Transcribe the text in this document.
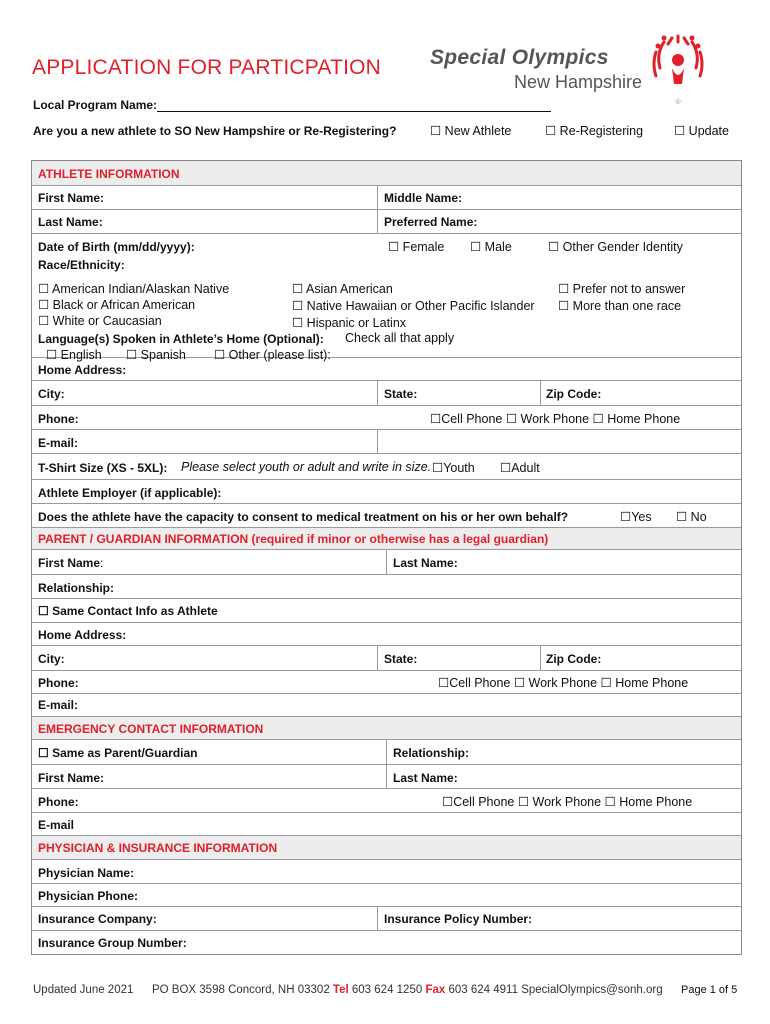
APPLICATION FOR PARTICPATION Special Olympics
New Hampshire
®
Local Program Name:
Are you a new athlete to SO New Hampshire or Re-Registering?	☐ New Athlete	☐ Re-Registering ☐ Update
ATHLETE INFORMATION
First Name:	Middle Name:
Last Name:	Preferred Name:
Date of Birth (mm/dd/yyyy):	☐ Female ☐ Male	☐ Other Gender Identity
Race/Ethnicity:
☐ American Indian/Alaskan Native
☐ Black or African American
☐ White or Caucasian
☐ Asian American
☐ Native Hawaiian or Other Pacific Islander
☐ Hispanic or Latinx
☐ Prefer not to answer
☐ More than one race
Language(s) Spoken in Athlete’s Home (Optional): Check all that apply
☐ English ☐ Spanish ☐ Other (please list):
Home Address:
City:	State:	Zip Code:
Phone:	☐Cell Phone ☐ Work Phone ☐ Home Phone
E-mail:
T-Shirt Size (XS - 5XL): Please select youth or adult and write in size. ☐Youth ☐Adult
Athlete Employer (if applicable):
Does the athlete have the capacity to consent to medical treatment on his or her own behalf?	☐Yes ☐ No
PARENT / GUARDIAN INFORMATION (required if minor or otherwise has a legal guardian)
First Name:	Last Name:
Relationship:
☐ Same Contact Info as Athlete
Home Address:
City:	State:	Zip Code:
Phone:	☐Cell Phone ☐ Work Phone ☐ Home Phone
E-mail:
EMERGENCY CONTACT INFORMATION
☐ Same as Parent/Guardian	Relationship:
First Name:	Last Name:
Phone:	☐Cell Phone ☐ Work Phone ☐ Home Phone
E-mail
PHYSICIAN & INSURANCE INFORMATION
Physician Name:
Physician Phone:
Insurance Company:	Insurance Policy Number:
Insurance Group Number:
Updated June 2021 PO BOX 3598 Concord, NH 03302 Tel 603 624 1250 Fax 603 624 4911 SpecialOlympics@sonh.org Page 1 of 5
